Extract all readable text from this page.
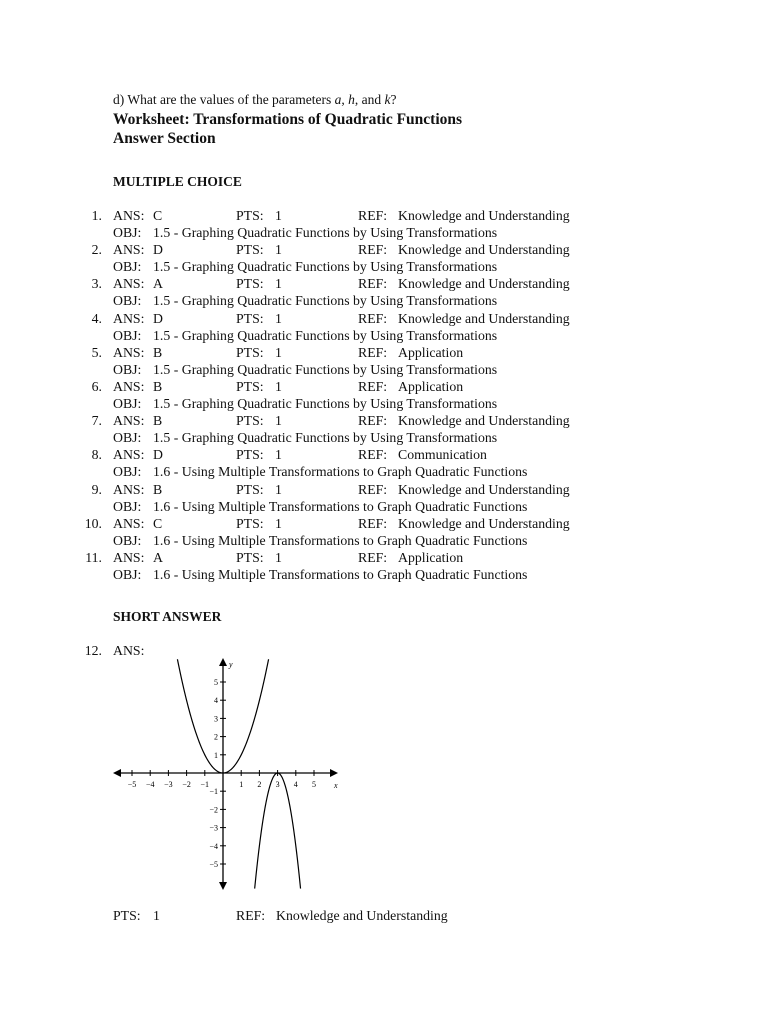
d) What are the values of the parameters a, h, and k?
Worksheet: Transformations of Quadratic Functions
Answer Section
MULTIPLE CHOICE
1. ANS: C	PTS: 1	REF: Knowledge and Understanding
OBJ: 1.5 - Graphing Quadratic Functions by Using Transformations
2. ANS: D	PTS: 1	REF: Knowledge and Understanding
OBJ: 1.5 - Graphing Quadratic Functions by Using Transformations
3. ANS: A	PTS: 1	REF: Knowledge and Understanding
OBJ: 1.5 - Graphing Quadratic Functions by Using Transformations
4. ANS: D	PTS: 1	REF: Knowledge and Understanding
OBJ: 1.5 - Graphing Quadratic Functions by Using Transformations
5. ANS: B	PTS: 1	REF: Application
OBJ: 1.5 - Graphing Quadratic Functions by Using Transformations
6. ANS: B	PTS: 1	REF: Application
OBJ: 1.5 - Graphing Quadratic Functions by Using Transformations
7. ANS: B	PTS: 1	REF: Knowledge and Understanding
OBJ: 1.5 - Graphing Quadratic Functions by Using Transformations
8. ANS: D	PTS: 1	REF: Communication
OBJ: 1.6 - Using Multiple Transformations to Graph Quadratic Functions
9. ANS: B	PTS: 1	REF: Knowledge and Understanding
OBJ: 1.6 - Using Multiple Transformations to Graph Quadratic Functions
10. ANS: C	PTS: 1	REF: Knowledge and Understanding
OBJ: 1.6 - Using Multiple Transformations to Graph Quadratic Functions
11. ANS: A	PTS: 1	REF: Application
OBJ: 1.6 - Using Multiple Transformations to Graph Quadratic Functions
SHORT ANSWER
12. ANS:
−5 −4 −3 −2 −1	1 2 3 4 5
5
4
3
2
1
−1
−2
−3
−4
−5
x
y
PTS: 1	REF: Knowledge and Understanding
